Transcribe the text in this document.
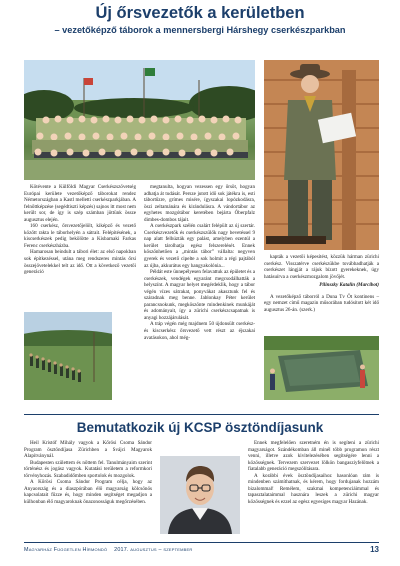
Új őrsvezetők a kerületben
– vezetőképző táborok a mennersbergi Hárshegy cserkészparkban

Kötévente a Külföldi Magyar Cserkészszövetség Európai kerülete vezetőképző táborokat rendez Németországban a Kastl melletti cserkészparkjában. A felnőttképzése (segédtiszti képzés) sajnos itt most nem került sor, de így is szép számban jöttünk össze augusztus elején.

160 cserkész, őrsvezetőjelölt, kiképző és vezető között rakta le táborhelyén a sátrait. Felépítésének, a kiscserkészek pedig bekölötte a Kisbarnaki Farkas Ferenc cserkészházba.

Hamarosan beindult a tábori élet: az első napokban sok építkezéssel, utána meg rendszeres mintás őrsi összejövetelekkel telt az idő. Ott a következő vezetői generáció

megtanulta, hogyan vezessen egy őrsöt, hogyan adhatja át tudását. Persze jutott idő sok játékra is, esti tábortűzre, grímes misére, ígyszakai lopózkodásra, öszi zeltamánára és kirándulásra. A vándortábor az egyhetes mozgótábor keretében bejárta Óberpfalz dimbes-dombos tájait.

A cserkészpark szélén csalárt felépült az új szertár. Cserkészvezetők és cserkészszülők nagy bevetéssel 9 nap alatt felhúzták egy palást, amelyben ezentúl a kerület tárolhatja egész felszerelését. Ennek köszönhetően a „mintás tábor” vállalta: negyven gyerek és vezető cipelte a sok holmit a régi pajtából az újba, akkurátus egy hangyakolónia...

Példát este ünnepélyesen felavattuk az épületet és a cserkészek, vendégek egyaránt megcsodálhatták a helyszínt. A magyar helyet megérdeklik, hogy a tábor végén vízes sátrakat, ponyvákat akasztunk fel és száradnak meg benne. Jablonkay Péter kerület parancsnokunk, megköszönte mindenkinek munkáját és adományait, így a zürichi cserkészcsapatnak is anyagi hozzájárulását.

A tráp végén még majdnem 50 újdonsült cserkész- és kiscserkész őrsvezető vett részt az éjszakai avatásokon, ahol még-

kapták a vezetői képesítést, közzük hárman zürichi cserkész. Visszatérve cserkészükbe továbbadhatják a cserkészet lángját a rájuk bízott gyerekeknek, úgy hatásuírva a cserkészmozgalom jövőjét.

Pilinszky Katalin (Marcibot)

A vezetőképző táborról a Duna Tv Öt kontinens – egy nemzet című magazin műsorában tudósított két idő augusztus 26-án. (szerk.)

Bemutatkozik új KCSP ösztöndíjasunk

Heil Kristóf Mihály vagyok a Kőrösi Csoma Sándor Program ösztöndíjasa Zürichben a Svájci Magyarok Alapítványnál.

Budapesten születtem és nőttem fel. Tanulmányaim szerint történész és jogász vagyok. Kutatási területem a reformkori törvényhozás. Szabadidőmben sportolok és mozgolok.

A Kőrösi Csoma Sándor Program célja, hogy az Anyaország és a diaszpórában élő magyarság kölcsönös kapcsolatait fűzze és, hogy minden segítséget megadjon a külhonban élő magyaroknak önazonosságuk megőrzésében.

Ennek megfelelően szeretném én is segíteni a zürichi magyarságot. Szándékomban áll minél több programon részt venni, illetve azok kivitelezésében segítségére lenni a közösségnek. Tervezem szervezet lölkön bangasziyfelőtnek a fiatalabb generáció megszólításara.

A korábbi évek ösztöndíjasaihoz hasonlóan rám is mindenben számíthatnak, és kérem, hogy fordujanak hozzám bizalommal! Remélem, szakmai kompetenciáimmal és tapasztalataimmal hasznára leszek a zürichi magyar közösségnek és ezzel az egész egyesíges magyar Hazának.

Magyarház Független Hírmondó 2017. augusztus – szeptember	13
